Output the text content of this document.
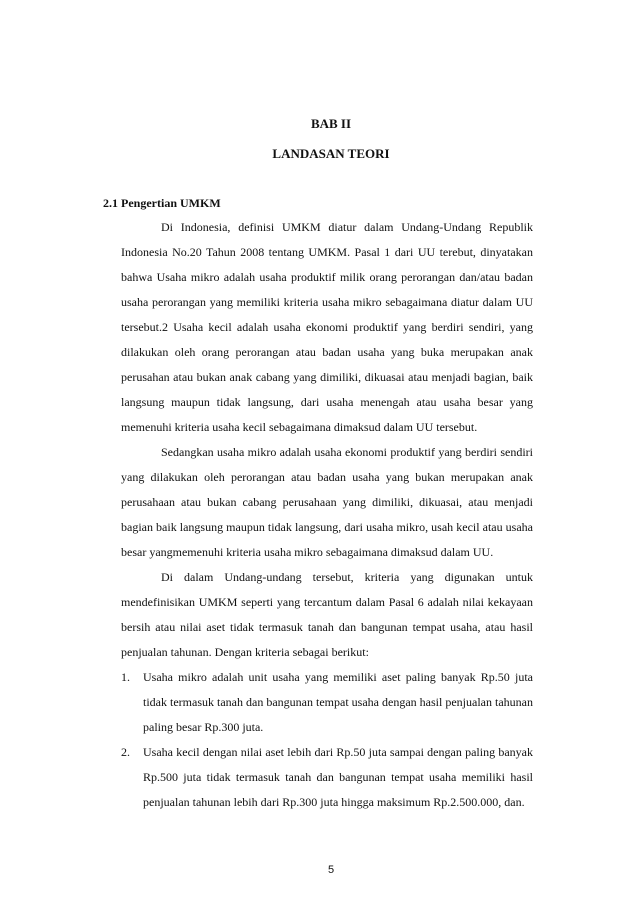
BAB II
LANDASAN TEORI
2.1 Pengertian UMKM

Di Indonesia, definisi UMKM diatur dalam Undang-Undang Republik Indonesia No.20 Tahun 2008 tentang UMKM. Pasal 1 dari UU terebut, dinyatakan bahwa Usaha mikro adalah usaha produktif milik orang perorangan dan/atau badan usaha perorangan yang memiliki kriteria usaha mikro sebagaimana diatur dalam UU tersebut.2 Usaha kecil adalah usaha ekonomi produktif yang berdiri sendiri, yang dilakukan oleh orang perorangan atau badan usaha yang buka merupakan anak perusahan atau bukan anak cabang yang dimiliki, dikuasai atau menjadi bagian, baik langsung maupun tidak langsung, dari usaha menengah atau usaha besar yang memenuhi kriteria usaha kecil sebagaimana dimaksud dalam UU tersebut.

Sedangkan usaha mikro adalah usaha ekonomi produktif yang berdiri sendiri yang dilakukan oleh perorangan atau badan usaha yang bukan merupakan anak perusahaan atau bukan cabang perusahaan yang dimiliki, dikuasai, atau menjadi bagian baik langsung maupun tidak langsung, dari usaha mikro, usah kecil atau usaha besar yangmemenuhi kriteria usaha mikro sebagaimana dimaksud dalam UU.

Di dalam Undang-undang tersebut, kriteria yang digunakan untuk mendefinisikan UMKM seperti yang tercantum dalam Pasal 6 adalah nilai kekayaan bersih atau nilai aset tidak termasuk tanah dan bangunan tempat usaha, atau hasil penjualan tahunan. Dengan kriteria sebagai berikut:

1. Usaha mikro adalah unit usaha yang memiliki aset paling banyak Rp.50 juta tidak termasuk tanah dan bangunan tempat usaha dengan hasil penjualan tahunan paling besar Rp.300 juta.
2. Usaha kecil dengan nilai aset lebih dari Rp.50 juta sampai dengan paling banyak Rp.500 juta tidak termasuk tanah dan bangunan tempat usaha memiliki hasil penjualan tahunan lebih dari Rp.300 juta hingga maksimum Rp.2.500.000, dan.
5
